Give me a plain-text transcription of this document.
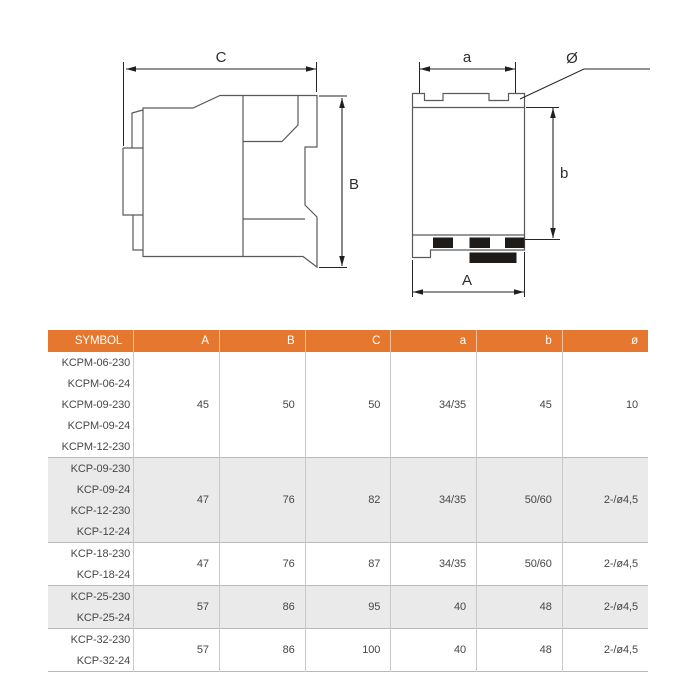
C
B
a	Ø
b
A
SYMBOL	A	B	C	a	b	ø
KCPM-06-230	45	50	50	34/35	45	10
KCPM-06-24						
KCPM-09-230						
KCPM-09-24						
KCPM-12-230						
KCP-09-230	47	76	82	34/35	50/60	2-/ø4,5
KCP-09-24						
KCP-12-230						
KCP-12-24						
KCP-18-230	47	76	87	34/35	50/60	2-/ø4,5
KCP-18-24						
KCP-25-230	57	86	95	40	48	2-/ø4,5
KCP-25-24						
KCP-32-230	57	86	100	40	48	2-/ø4,5
KCP-32-24						
